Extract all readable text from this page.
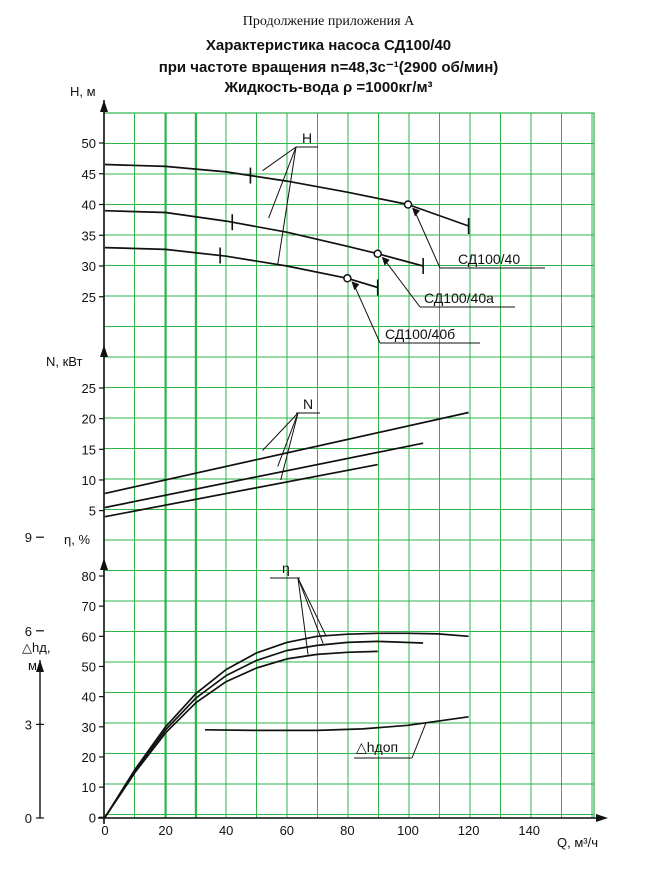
Продолжение приложения А
Характеристика насоса СД100/40
при частоте вращения n=48,3с⁻¹(2900 об/мин)
Жидкость-вода ρ =1000кг/м³
Н, м
25
30
35
40
45
50
N, кВт
5
10
15
20
25
η, %
0
10
20
30
40
50
60
70
80
△hд,
м
0
3
6
9
0	20	40	60	80	100	120	140
Q, м³/ч
Н
СД100/40
СД100/40а
СД100/40б
N
η
△hдоп
